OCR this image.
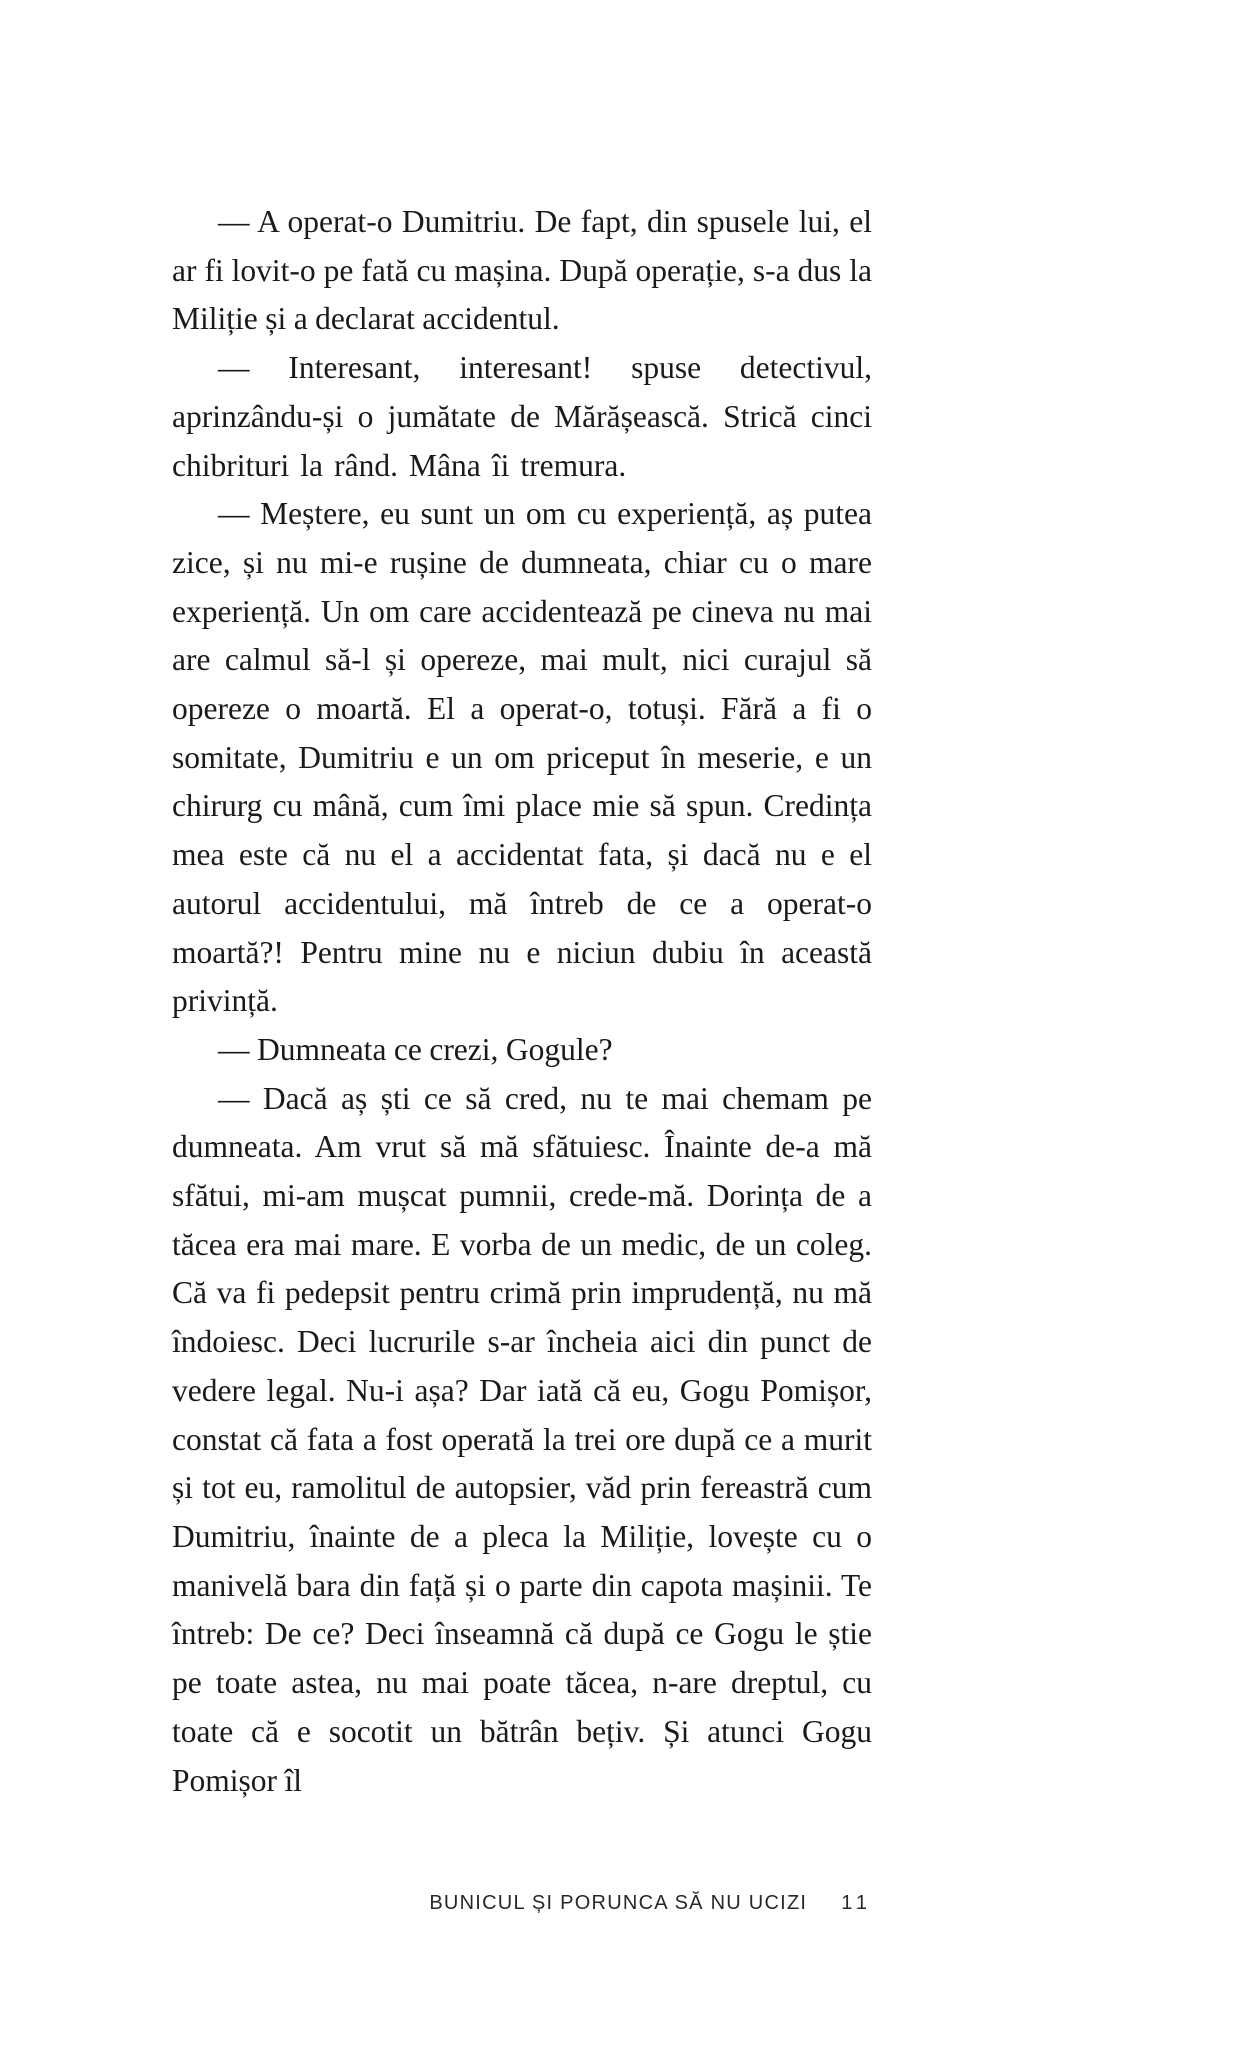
— A operat-o Dumitriu. De fapt, din spusele lui, el ar fi lovit-o pe fată cu mașina. După operație, s-a dus la Miliție și a declarat accidentul.

— Interesant, interesant! spuse detectivul, aprinzându-și o jumătate de Mărășească. Strică cinci chibrituri la rând. Mâna îi tremura.

— Meștere, eu sunt un om cu experiență, aș putea zice, și nu mi-e rușine de dumneata, chiar cu o mare experiență. Un om care accidentează pe cineva nu mai are calmul să-l și opereze, mai mult, nici curajul să opereze o moartă. El a operat-o, totuși. Fără a fi o somitate, Dumitriu e un om priceput în meserie, e un chirurg cu mână, cum îmi place mie să spun. Credința mea este că nu el a accidentat fata, și dacă nu e el autorul accidentului, mă întreb de ce a operat-o moartă?! Pentru mine nu e niciun dubiu în această privință.

— Dumneata ce crezi, Gogule?

— Dacă aș ști ce să cred, nu te mai chemam pe dumneata. Am vrut să mă sfătuiesc. Înainte de-a mă sfătui, mi-am mușcat pumnii, crede-mă. Dorința de a tăcea era mai mare. E vorba de un medic, de un coleg. Că va fi pedepsit pentru crimă prin imprudență, nu mă îndoiesc. Deci lucrurile s-ar încheia aici din punct de vedere legal. Nu-i așa? Dar iată că eu, Gogu Pomișor, constat că fata a fost operată la trei ore după ce a murit și tot eu, ramolitul de autopsier, văd prin fereastră cum Dumitriu, înainte de a pleca la Miliție, lovește cu o manivelă bara din față și o parte din capota mașinii. Te întreb: De ce? Deci înseamnă că după ce Gogu le știe pe toate astea, nu mai poate tăcea, n-are dreptul, cu toate că e socotit un bătrân bețiv. Și atunci Gogu Pomișor îl

BUNICUL ȘI PORUNCA SĂ NU UCIZI 11
